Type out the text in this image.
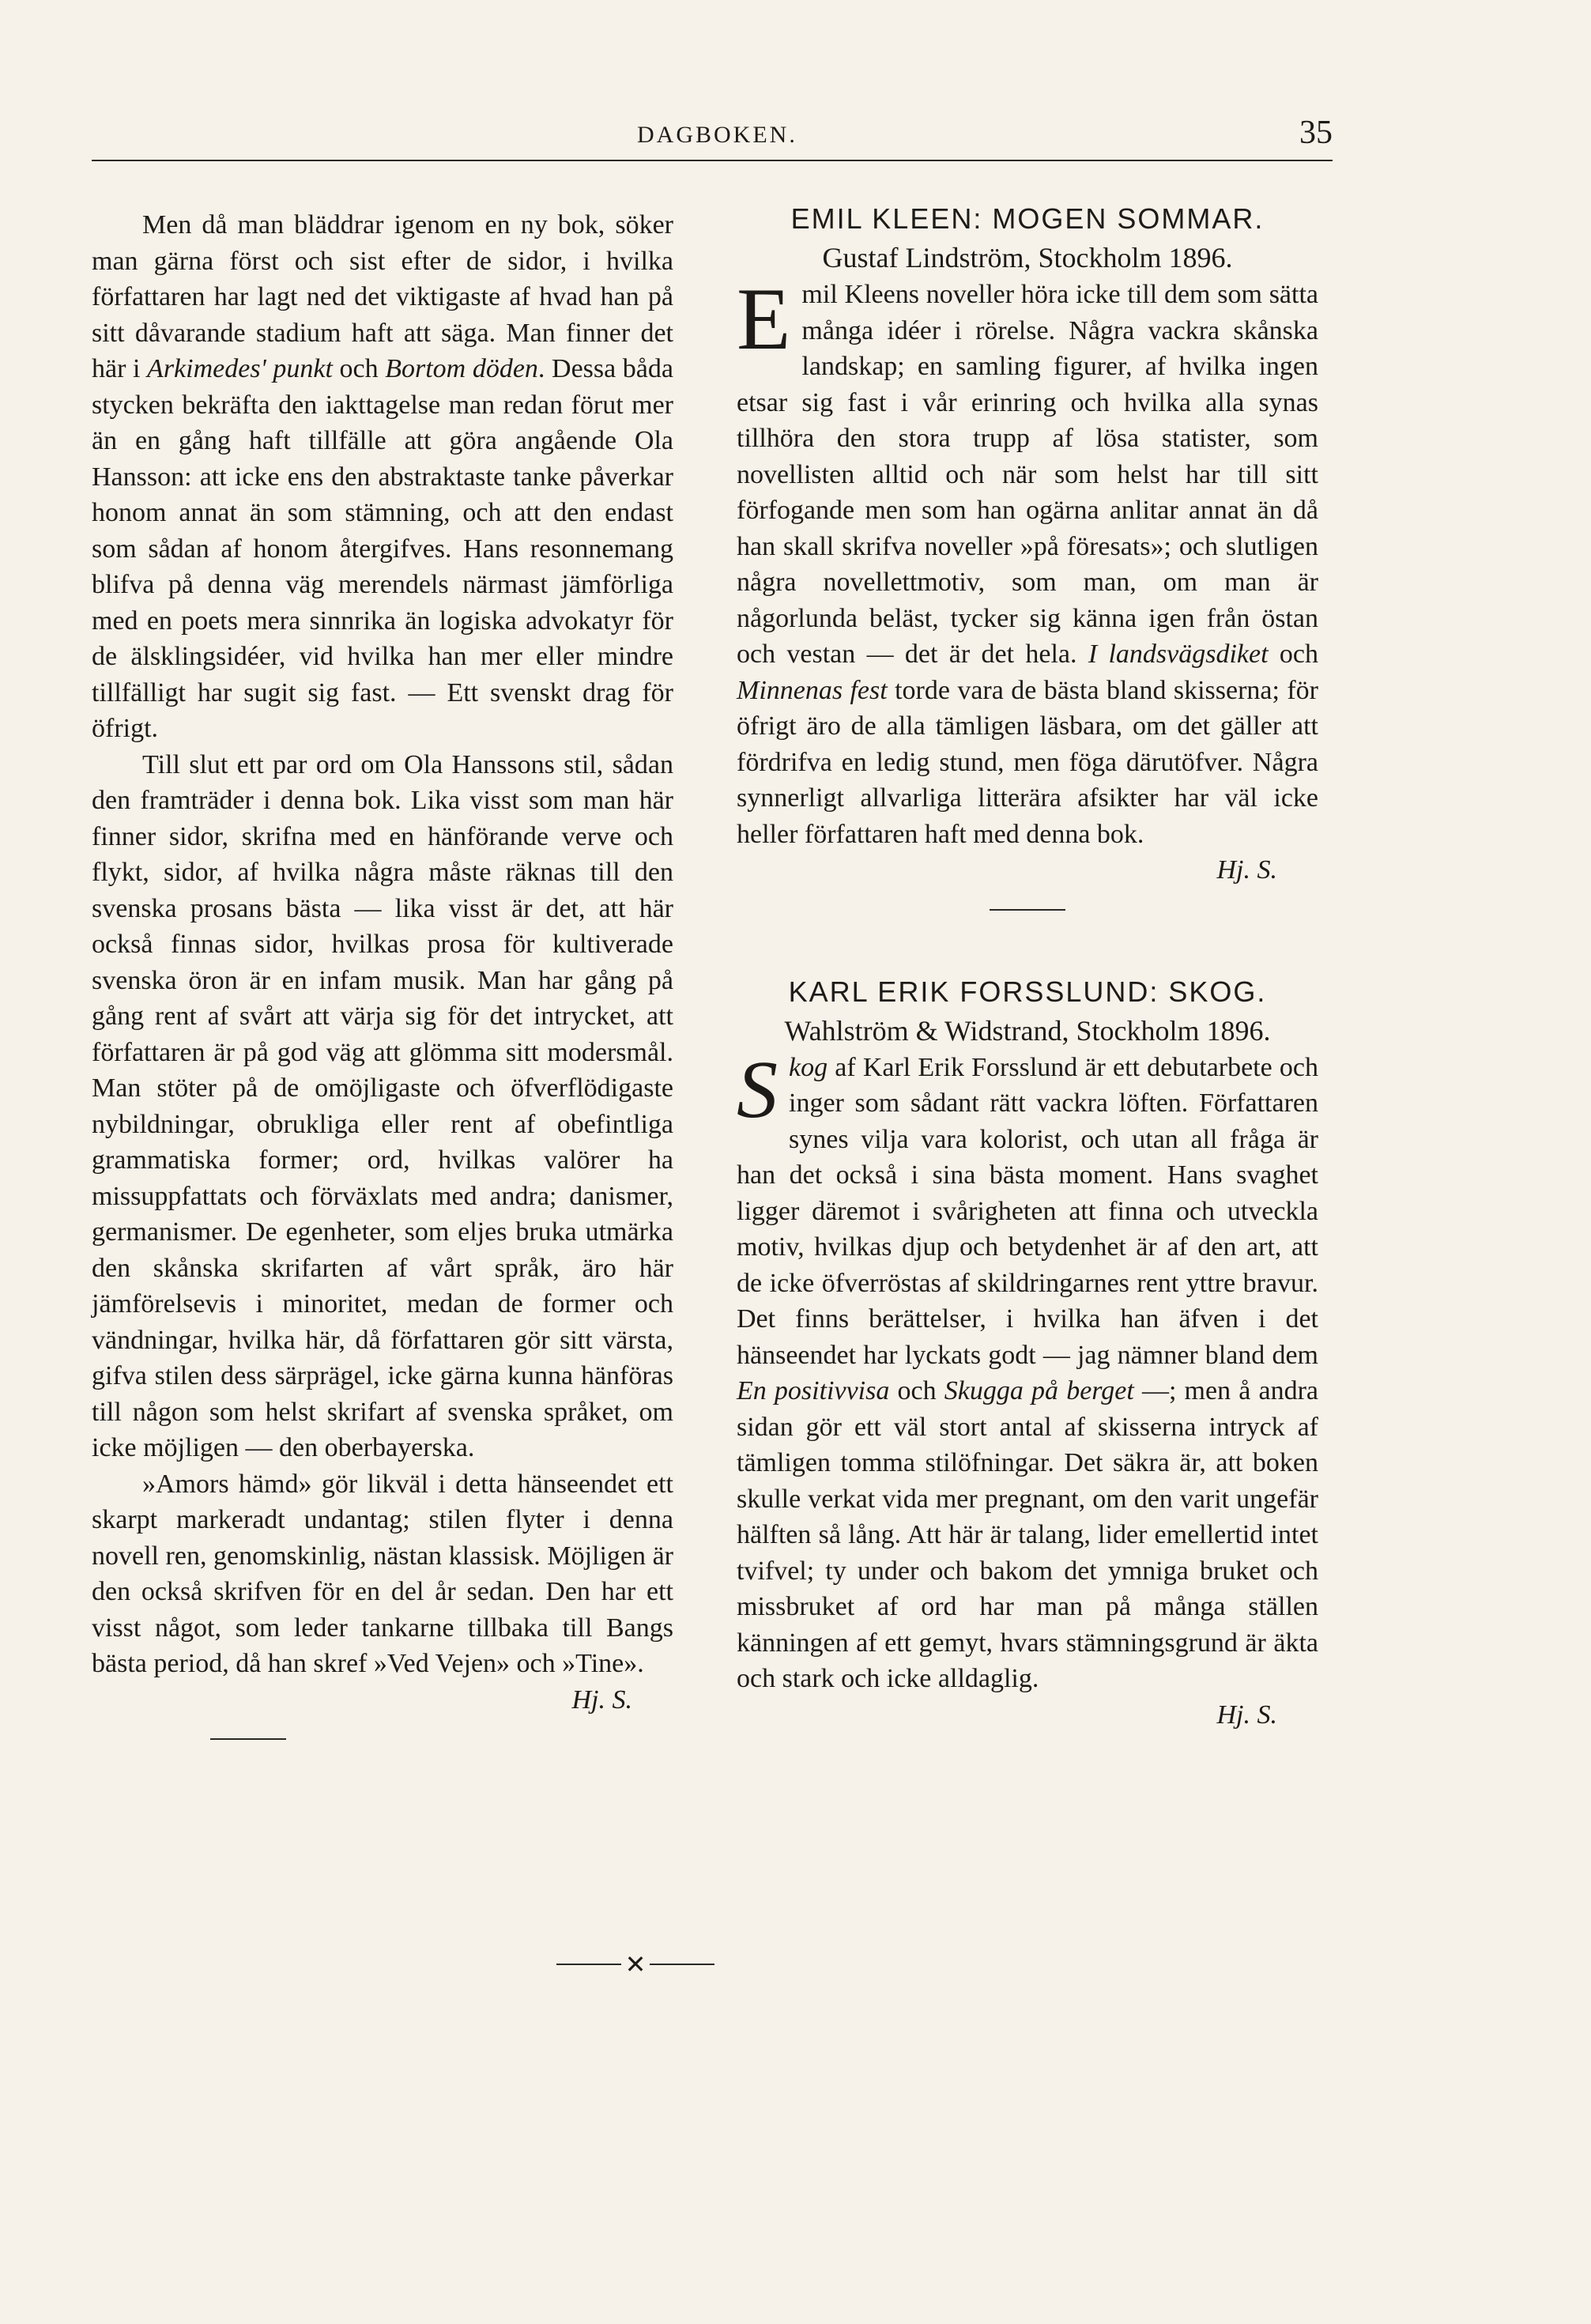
DAGBOKEN.	35

Men då man bläddrar igenom en ny bok, söker man gärna först och sist efter de sidor, i hvilka författaren har lagt ned det viktigaste af hvad han på sitt dåvarande stadium haft att säga. Man finner det här i Arkimedes' punkt och Bortom döden. Dessa båda stycken bekräfta den iakttagelse man redan förut mer än en gång haft tillfälle att göra angående Ola Hansson: att icke ens den abstraktaste tanke påverkar honom annat än som stämning, och att den endast som sådan af honom återgifves. Hans resonnemang blifva på denna väg merendels närmast jämförliga med en poets mera sinnrika än logiska advokatyr för de älsklingsidéer, vid hvilka han mer eller mindre tillfälligt har sugit sig fast. — Ett svenskt drag för öfrigt.

Till slut ett par ord om Ola Hanssons stil, sådan den framträder i denna bok. Lika visst som man här finner sidor, skrifna med en hänförande verve och flykt, sidor, af hvilka några måste räknas till den svenska prosans bästa — lika visst är det, att här också finnas sidor, hvilkas prosa för kultiverade svenska öron är en infam musik. Man har gång på gång rent af svårt att värja sig för det intrycket, att författaren är på god väg att glömma sitt modersmål. Man stöter på de omöjligaste och öfverflödigaste nybildningar, obrukliga eller rent af obefintliga grammatiska former; ord, hvilkas valörer ha missuppfattats och förväxlats med andra; danismer, germanismer. De egenheter, som eljes bruka utmärka den skånska skrifarten af vårt språk, äro här jämförelsevis i minoritet, medan de former och vändningar, hvilka här, då författaren gör sitt värsta, gifva stilen dess särprägel, icke gärna kunna hänföras till någon som helst skrifart af svenska språket, om icke möjligen — den oberbayerska.

»Amors hämd» gör likväl i detta hänseendet ett skarpt markeradt undantag; stilen flyter i denna novell ren, genomskinlig, nästan klassisk. Möjligen är den också skrifven för en del år sedan. Den har ett visst något, som leder tankarne tillbaka till Bangs bästa period, då han skref »Ved Vejen» och »Tine».

Hj. S.

EMIL KLEEN: MOGEN SOMMAR.

Gustaf Lindström, Stockholm 1896.

Emil Kleens noveller höra icke till dem som sätta många idéer i rörelse. Några vackra skånska landskap; en samling figurer, af hvilka ingen etsar sig fast i vår erinring och hvilka alla synas tillhöra den stora trupp af lösa statister, som novellisten alltid och när som helst har till sitt förfogande men som han ogärna anlitar annat än då han skall skrifva noveller »på föresats»; och slutligen några novellettmotiv, som man, om man är någorlunda beläst, tycker sig känna igen från östan och vestan — det är det hela. I landsvägsdiket och Minnenas fest torde vara de bästa bland skisserna; för öfrigt äro de alla tämligen läsbara, om det gäller att fördrifva en ledig stund, men föga därutöfver. Några synnerligt allvarliga litterära afsikter har väl icke heller författaren haft med denna bok.

Hj. S.

KARL ERIK FORSSLUND: SKOG.

Wahlström & Widstrand, Stockholm 1896.

Skog af Karl Erik Forsslund är ett debutarbete och inger som sådant rätt vackra löften. Författaren synes vilja vara kolorist, och utan all fråga är han det också i sina bästa moment. Hans svaghet ligger däremot i svårigheten att finna och utveckla motiv, hvilkas djup och betydenhet är af den art, att de icke öfverröstas af skildringarnes rent yttre bravur. Det finns berättelser, i hvilka han äfven i det hänseendet har lyckats godt — jag nämner bland dem En positivvisa och Skugga på berget —; men å andra sidan gör ett väl stort antal af skisserna intryck af tämligen tomma stilöfningar. Det säkra är, att boken skulle verkat vida mer pregnant, om den varit ungefär hälften så lång. Att här är talang, lider emellertid intet tvifvel; ty under och bakom det ymniga bruket och missbruket af ord har man på många ställen känningen af ett gemyt, hvars stämningsgrund är äkta och stark och icke alldaglig.

Hj. S.

✕
